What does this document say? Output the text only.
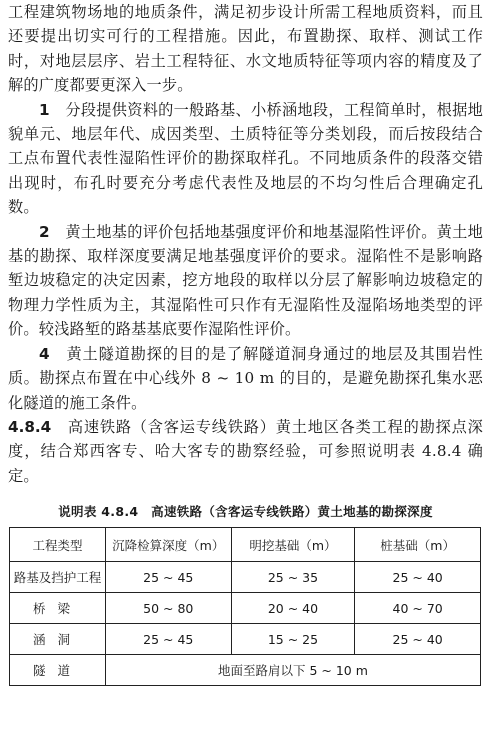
工程建筑物场地的地质条件，满足初步设计所需工程地质资料，而且还要提出切实可行的工程措施。因此，布置勘探、取样、测试工作时，对地层层序、岩土工程特征、水文地质特征等项内容的精度及了解的广度都要更深入一步。

1　 分段提供资料的一般路基、小桥涵地段，工程简单时，根据地貌单元、地层年代、成因类型、土质特征等分类划段，而后按段结合工点布置代表性湿陷性评价的勘探取样孔。不同地质条件的段落交错出现时，布孔时要充分考虑代表性及地层的不均匀性后合理确定孔数。

2　 黄土地基的评价包括地基强度评价和地基湿陷性评价。黄土地基的勘探、取样深度要满足地基强度评价的要求。湿陷性不是影响路堑边坡稳定的决定因素，挖方地段的取样以分层了解影响边坡稳定的物理力学性质为主，其湿陷性可只作有无湿陷性及湿陷场地类型的评价。较浅路堑的路基基底要作湿陷性评价。

4　 黄土隧道勘探的目的是了解隧道洞身通过的地层及其围岩性质。勘探点布置在中心线外 8 ~ 10 m 的目的，是避免勘探孔集水恶化隧道的施工条件。

4.8.4　 高速铁路（含客运专线铁路）黄土地区各类工程的勘探点深度，结合郑西客专、哈大客专的勘察经验，可参照说明表 4.8.4 确定。

说明表 4.8.4　高速铁路（含客运专线铁路）黄土地基的勘探深度

工程类型	沉降检算深度（m）	明挖基础（m）	桩基础（m）
路基及挡护工程	25 ~ 45	25 ~ 35	25 ~ 40
桥梁	50 ~ 80	20 ~ 40	40 ~ 70
涵洞	25 ~ 45	15 ~ 25	25 ~ 40
隧道	地面至路肩以下 5 ~ 10 m		
